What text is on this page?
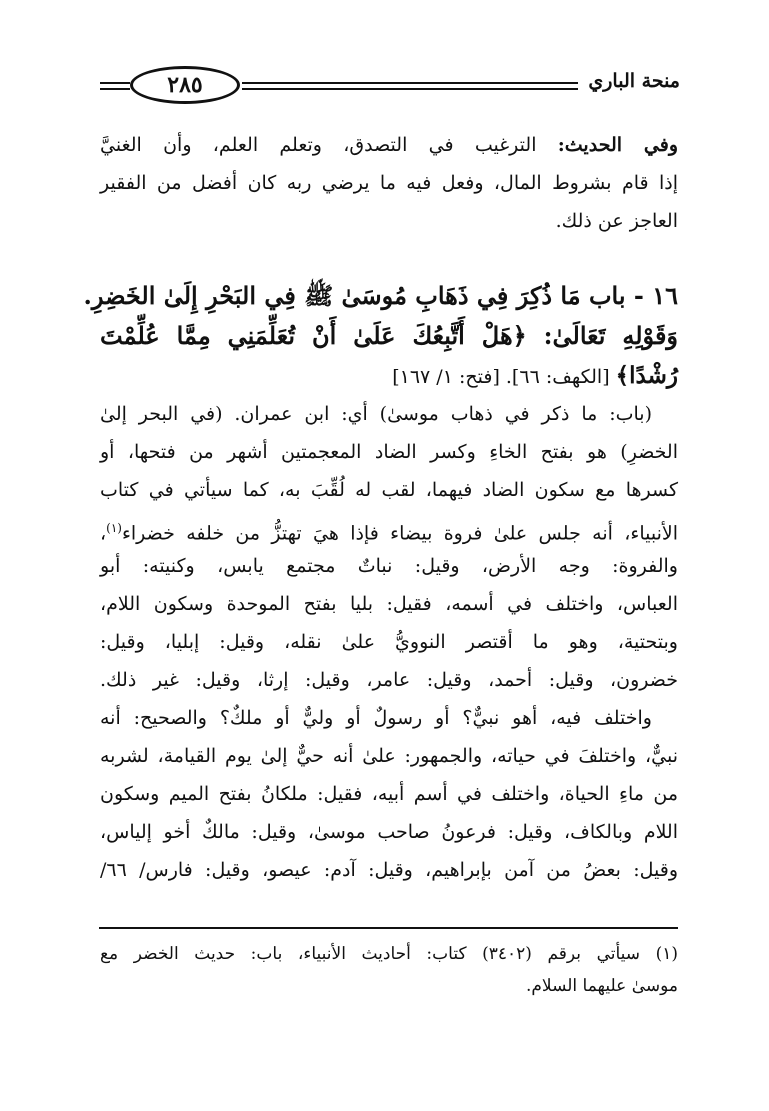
٢٨٥	منحة الباري
وفي الحديث: الترغيب في التصدق، وتعلم العلم، وأن الغنيَّ
إذا قام بشروط المال، وفعل فيه ما يرضي ربه كان أفضل من الفقير
العاجز عن ذلك.
١٦ - باب مَا ذُكِرَ فِي ذَهَابِ مُوسَىٰ ﷺ فِي البَحْرِ إِلَىٰ الخَضِرِ.
وَقَوْلِهِ تَعَالَىٰ: ﴿هَلْ أَتَّبِعُكَ عَلَىٰ أَنْ تُعَلِّمَنِي مِمَّا عُلِّمْتَ
رُشْدًا﴾ [الكهف: ٦٦]. [فتح: ١/ ١٦٧]
(باب: ما ذكر في ذهاب موسىٰ) أي: ابن عمران. (في البحر إلىٰ
الخضرِ) هو بفتح الخاءِ وكسر الضاد المعجمتين أشهر من فتحها، أو
كسرها مع سكون الضاد فيهما، لقب له لُقِّبَ به، كما سيأتي في كتاب
الأنبياء، أنه جلس علىٰ فروة بيضاء فإذا هيَ تهتزُّ من خلفه خضراء$^{(١)}$،
والفروة: وجه الأرض، وقيل: نباتٌ مجتمع يابس، وكنيته: أبو
العباس، واختلف في أسمه، فقيل: بليا بفتح الموحدة وسكون اللام،
وبتحتية، وهو ما أقتصر النوويُّ علىٰ نقله، وقيل: إبليا، وقيل:
خضرون، وقيل: أحمد، وقيل: عامر، وقيل: إرثا، وقيل: غير ذلك.
واختلف فيه، أهو نبيٌّ؟ أو رسولٌ أو وليٌّ أو ملكٌ؟ والصحيح: أنه
نبيٌّ، واختلفَ في حياته، والجمهور: علىٰ أنه حيٌّ إلىٰ يوم القيامة، لشربه
من ماءِ الحياة، واختلف في أسم أبيه، فقيل: ملكانُ بفتح الميم وسكون
اللام وبالكاف، وقيل: فرعونُ صاحب موسىٰ، وقيل: مالكٌ أخو إلياس،
وقيل: بعضُ من آمن بإبراهيم، وقيل: آدم: عيصو، وقيل: فارس/ ٦٦/
(١) سيأتي برقم (٣٤٠٢) كتاب: أحاديث الأنبياء، باب: حديث الخضر مع
موسىٰ عليهما السلام.
